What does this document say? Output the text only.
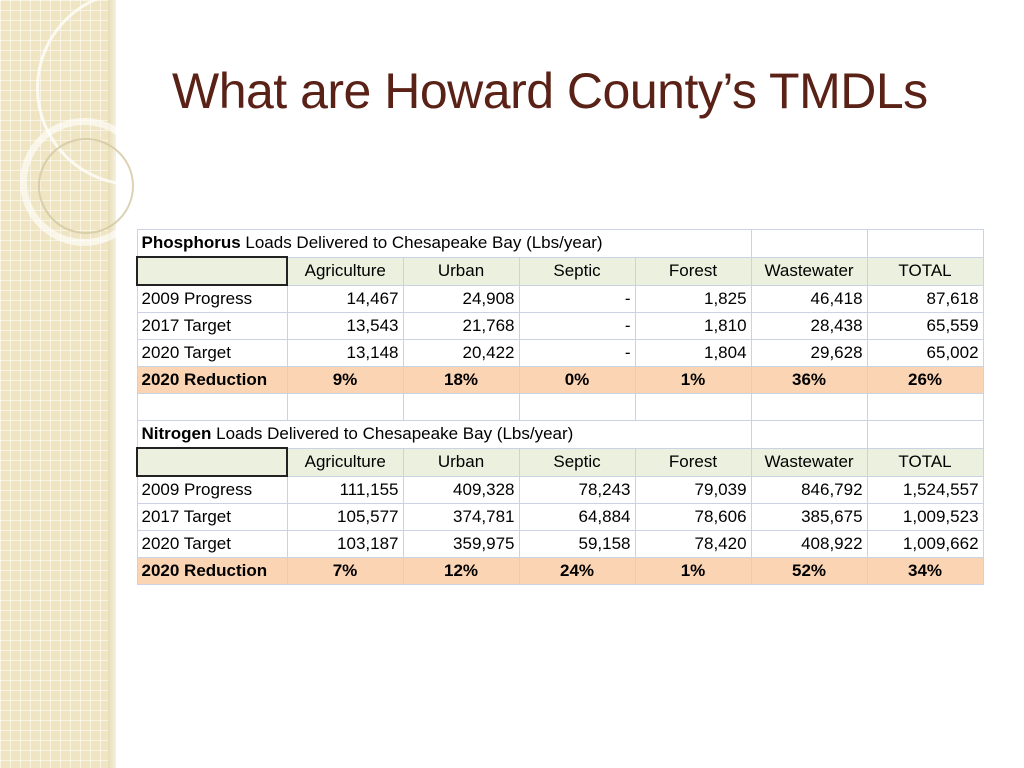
What are Howard County’s TMDLs
Phosphorus Loads Delivered to Chesapeake Bay (Lbs/year)						
	Agriculture	Urban	Septic	Forest	Wastewater	TOTAL
2009 Progress	14,467	24,908	-	1,825	46,418	87,618
2017 Target	13,543	21,768	-	1,810	28,438	65,559
2020 Target	13,148	20,422	-	1,804	29,628	65,002
2020 Reduction	9%	18%	0%	1%	36%	26%

Nitrogen Loads Delivered to Chesapeake Bay (Lbs/year)						
	Agriculture	Urban	Septic	Forest	Wastewater	TOTAL
2009 Progress	111,155	409,328	78,243	79,039	846,792	1,524,557
2017 Target	105,577	374,781	64,884	78,606	385,675	1,009,523
2020 Target	103,187	359,975	59,158	78,420	408,922	1,009,662
2020 Reduction	7%	12%	24%	1%	52%	34%
